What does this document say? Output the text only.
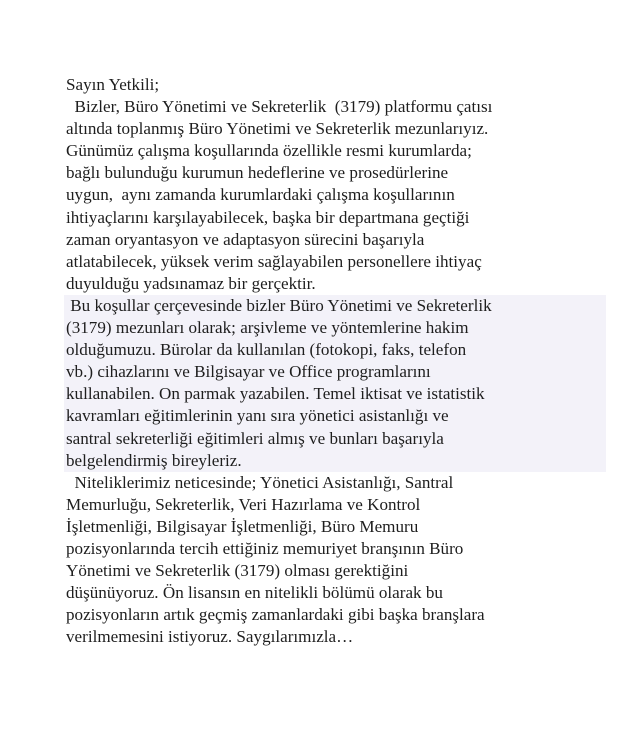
Sayın Yetkili;
Bizler, Büro Yönetimi ve Sekreterlik  (3179) platformu çatısı
altında toplanmış Büro Yönetimi ve Sekreterlik mezunlarıyız.
Günümüz çalışma koşullarında özellikle resmi kurumlarda;
bağlı bulunduğu kurumun hedeflerine ve prosedürlerine
uygun,  aynı zamanda kurumlardaki çalışma koşullarının
ihtiyaçlarını karşılayabilecek, başka bir departmana geçtiği
zaman oryantasyon ve adaptasyon sürecini başarıyla
atlatabilecek, yüksek verim sağlayabilen personellere ihtiyaç
duyulduğu yadsınamaz bir gerçektir.
Bu koşullar çerçevesinde bizler Büro Yönetimi ve Sekreterlik
(3179) mezunları olarak; arşivleme ve yöntemlerine hakim
olduğumuzu. Bürolar da kullanılan (fotokopi, faks, telefon
vb.) cihazlarını ve Bilgisayar ve Office programlarını
kullanabilen. On parmak yazabilen. Temel iktisat ve istatistik
kavramları eğitimlerinin yanı sıra yönetici asistanlığı ve
santral sekreterliği eğitimleri almış ve bunları başarıyla
belgelendirmiş bireyleriz.
Niteliklerimiz neticesinde; Yönetici Asistanlığı, Santral
Memurluğu, Sekreterlik, Veri Hazırlama ve Kontrol
İşletmenliği, Bilgisayar İşletmenliği, Büro Memuru
pozisyonlarında tercih ettiğiniz memuriyet branşının Büro
Yönetimi ve Sekreterlik (3179) olması gerektiğini
düşünüyoruz. Ön lisansın en nitelikli bölümü olarak bu
pozisyonların artık geçmiş zamanlardaki gibi başka branşlara
verilmemesini istiyoruz. Saygılarımızla…
